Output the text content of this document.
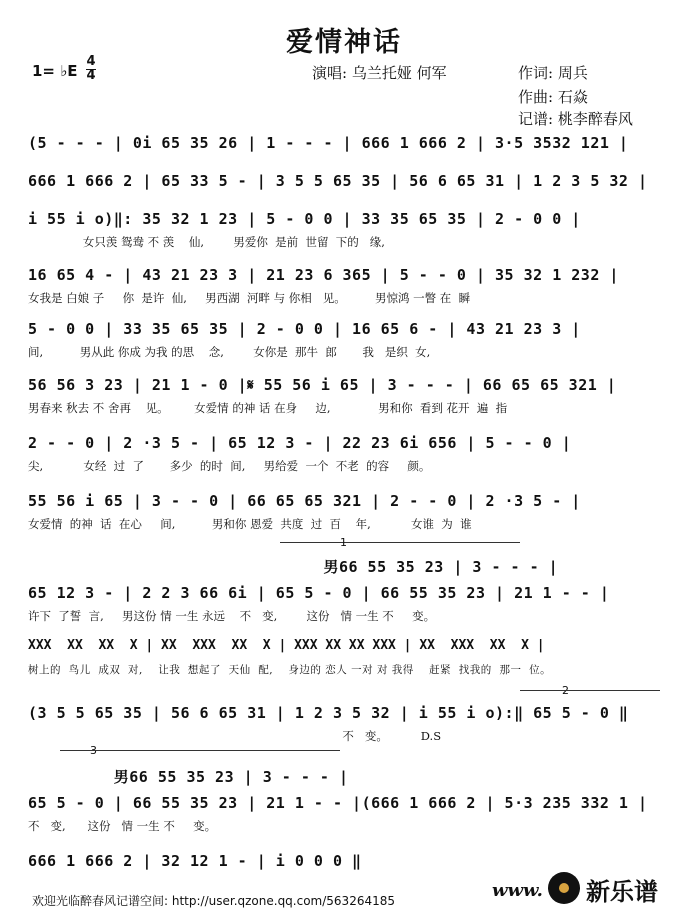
爱情神话
1= ♭E
4
4	演唱: 乌兰托娅 何军	作词: 周兵
作曲: 石焱
记谱: 桃李醉春风
(5 - - - | 0i 65 35 26 | 1 - - - | 666 1 666 2 | 3·5 3532 121 |
666 1 666 2 | 65 33 5 - | 3 5 5 65 35 | 56 6 65 31 | 1 2 3 5 32 |
i 55 i o)‖: 35 32 1 23 | 5 - 0 0 | 33 35 65 35 | 2 - 0 0 |
女只羡 鸳鸯 不 羡    仙,        男爱你  是前  世留  下的   缘,
16 65 4 - | 43 21 23 3 | 21 23 6 365 | 5 - - 0 | 35 32 1 232 |
女我是 白娘 子     你  是许  仙,     男西湖  河畔 与 你相   见。        男惊鸿 一瞥 在  瞬
5 - 0 0 | 33 35 65 35 | 2 - 0 0 | 16 65 6 - | 43 21 23 3 |
间,          男从此 你成 为我 的思    念,        女你是  那牛  郎       我   是织  女,
56 56 3 23 | 21 1 - 0 |𝄋 55 56 i 65 | 3 - - - | 66 65 65 321 |
男春来 秋去 不 舍再    见。       女爱情 的神 话 在身     边,             男和你  看到 花开  遍  指
2 - - 0 | 2 ·3 5 - | 65 12 3 - | 22 23 6i 656 | 5 - - 0 |
尖,           女经  过  了       多少  的时  间,     男给爱  一个  不老  的容     颜。
55 56 i 65 | 3 - - 0 | 66 65 65 321 | 2 - - 0 | 2 ·3 5 - |
女爱情  的神  话  在心     间,          男和你 恩爱  共度  过  百    年,           女谁  为  谁
1
男66 55 35 23 | 3 - - - |
65 12 3 - | 2 2 3 66 6i | 65 5 - 0 | 66 55 35 23 | 21 1 - - |
许下  了誓  言,     男这份 情 一生 永远    不   变,        这份   情 一生 不     变。
XXX  XX  XX  X | XX  XXX  XX  X | XXX XX XX XXX | XX  XXX  XX  X |
树上的  鸟儿  成双  对,    让我  想起了  天仙  配,    身边的 恋人 一对 对 我得    赶紧  找我的  那一  位。
(3 5 5 65 35 | 56 6 65 31 | 1 2 3 5 32 | i 55 i o):‖ 65 5 - 0 ‖
不   变。         D.S
男66 55 35 23 | 3 - - - |
65 5 - 0 | 66 55 35 23 | 21 1 - - |(666 1 666 2 | 5·3 235 332 1 |
不   变,      这份   情 一生 不     变。
666 1 666 2 | 32 12 1 - | i 0 0 0 ‖
欢迎光临醉春风记谱空间: http://user.qzone.qq.com/563264185	www. 新乐谱
